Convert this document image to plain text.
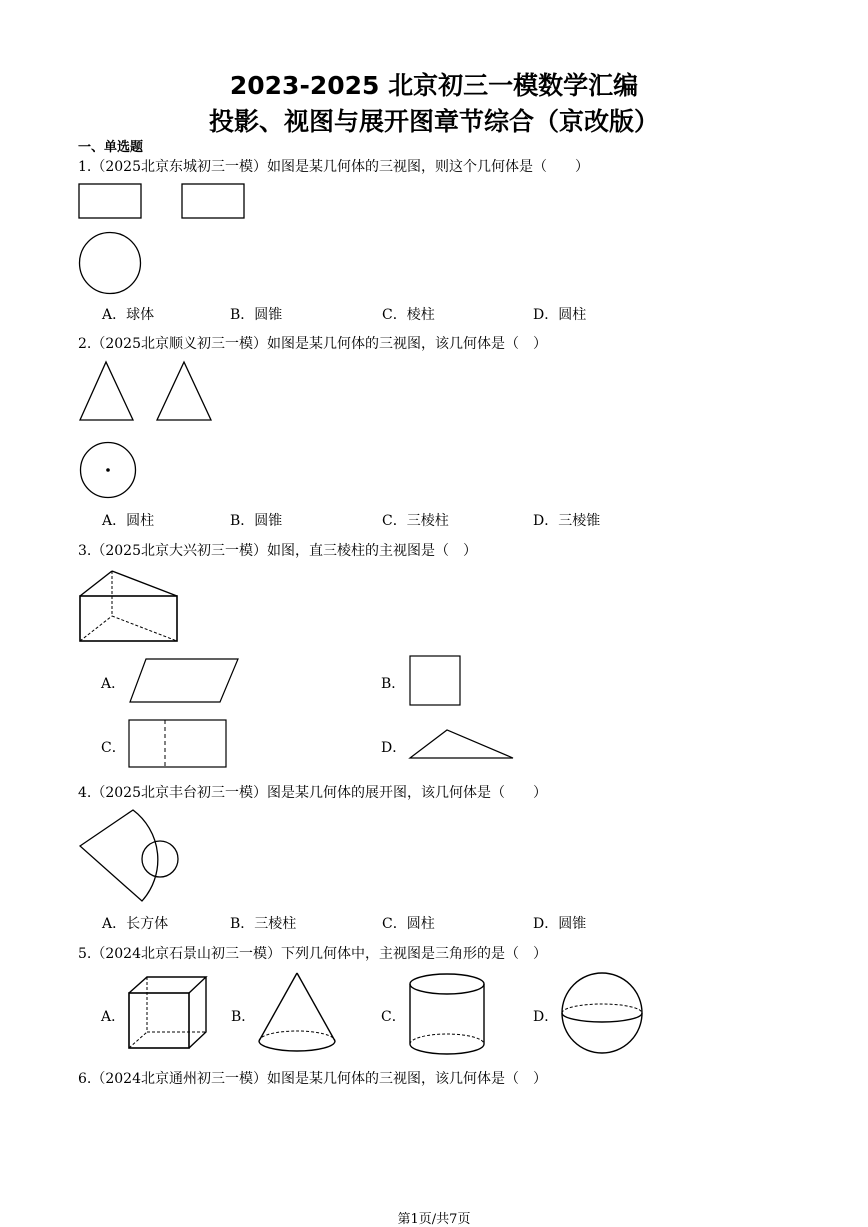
2023-2025 北京初三一模数学汇编
投影、视图与展开图章节综合（京改版）
一、单选题
1.（2025北京东城初三一模）如图是某几何体的三视图，则这个几何体是（　　）
A．球体	B．圆锥	C．棱柱	D．圆柱
2.（2025北京顺义初三一模）如图是某几何体的三视图，该几何体是（　）
A．圆柱	B．圆锥	C．三棱柱	D．三棱锥
3.（2025北京大兴初三一模）如图，直三棱柱的主视图是（　）
A．	B．
C．	D．
4.（2025北京丰台初三一模）图是某几何体的展开图，该几何体是（　　）
A．长方体	B．三棱柱	C．圆柱	D．圆锥
5.（2024北京石景山初三一模）下列几何体中，主视图是三角形的是（　）
A．	B．	C．	D．
6.（2024北京通州初三一模）如图是某几何体的三视图，该几何体是（　）
第1页/共7页
